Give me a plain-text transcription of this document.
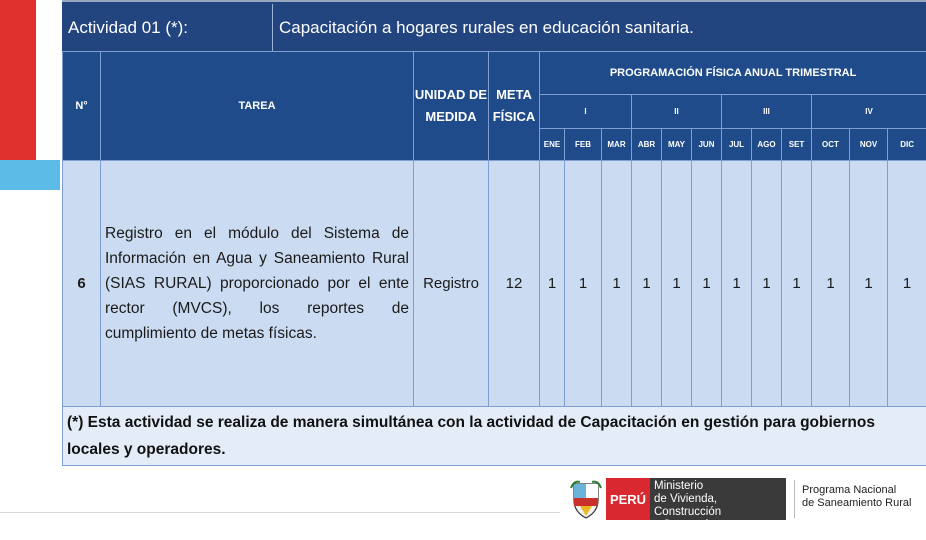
Actividad 01 (*):	Capacitación a hogares rurales en educación sanitaria.
N°	TAREA	UNIDAD DE MEDIDA	META FÍSICA	PROGRAMACIÓN FÍSICA ANUAL TRIMESTRAL											
				I			II			III			IV		
				ENE	FEB	MAR	ABR	MAY	JUN	JUL	AGO	SET	OCT	NOV	DIC
6	Registro en el módulo del Sistema de Información en Agua y Saneamiento Rural (SIAS RURAL) proporcionado por el ente rector (MVCS), los reportes de cumplimiento de metas físicas.	Registro	12	1	1	1	1	1	1	1	1	1	1	1	1
(*) Esta actividad se realiza de manera simultánea con la actividad de Capacitación en gestión para gobiernos locales y operadores.															
PERÚ
Ministerio
de Vivienda, Construcción
y Saneamiento
Programa Nacional
de Saneamiento Rural
